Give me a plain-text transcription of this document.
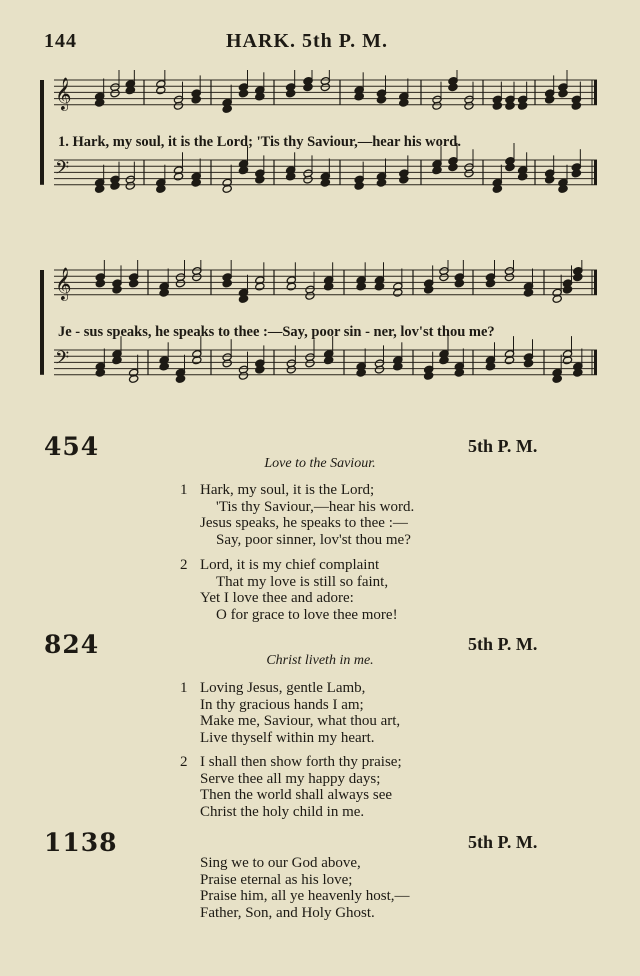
144	HARK. 5th P. M.
𝄞
𝄢
1. Hark, my soul, it is the Lord; 'Tis thy Saviour,—hear his word.
𝄞
𝄢
Je - sus speaks, he speaks to thee :—Say, poor sin - ner, lov'st thou me?
454	5th P. M.
Love to the Saviour.
1 Hark, my soul, it is the Lord;
'Tis thy Saviour,—hear his word.
Jesus speaks, he speaks to thee :—
Say, poor sinner, lov'st thou me?
2 Lord, it is my chief complaint
That my love is still so faint,
Yet I love thee and adore:
O for grace to love thee more!
824	5th P. M.
Christ liveth in me.
1 Loving Jesus, gentle Lamb,
In thy gracious hands I am;
Make me, Saviour, what thou art,
Live thyself within my heart.
2 I shall then show forth thy praise;
Serve thee all my happy days;
Then the world shall always see
Christ the holy child in me.
1138	5th P. M.
Sing we to our God above,
Praise eternal as his love;
Praise him, all ye heavenly host,—
Father, Son, and Holy Ghost.
